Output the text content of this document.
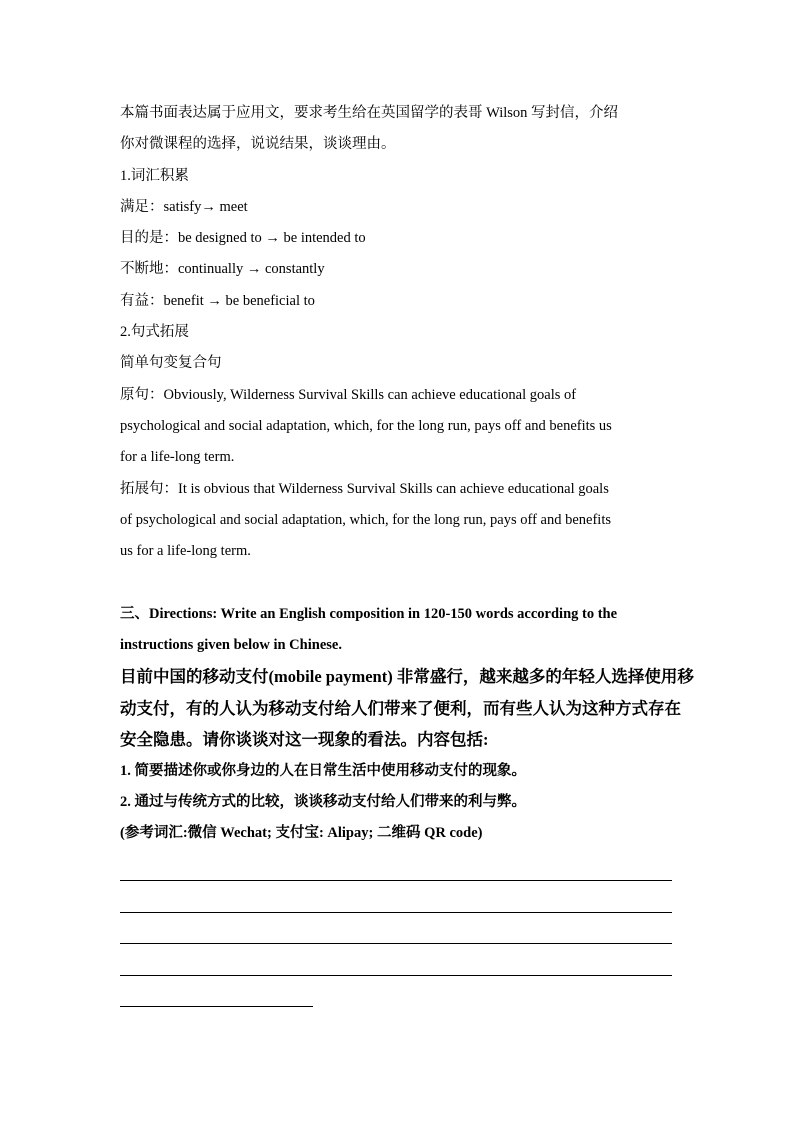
本篇书面表达属于应用文，要求考生给在英国留学的表哥 Wilson 写封信，介绍
你对微课程的选择，说说结果，谈谈理由。
1.词汇积累
满足：satisfy→ meet
目的是：be designed to → be intended to
不断地：continually → constantly
有益：benefit → be beneficial to
2.句式拓展
简单句变复合句
原句：Obviously, Wilderness Survival Skills can achieve educational goals of
psychological and social adaptation, which, for the long run, pays off and benefits us
for a life-long term.
拓展句：It is obvious that Wilderness Survival Skills can achieve educational goals
of psychological and social adaptation, which, for the long run, pays off and benefits
us for a life-long term.
三、Directions: Write an English composition in 120-150 words according to the
instructions given below in Chinese.
目前中国的移动支付(mobile payment) 非常盛行，越来越多的年轻人选择使用移
动支付，有的人认为移动支付给人们带来了便利，而有些人认为这种方式存在
安全隐患。请你谈谈对这一现象的看法。内容包括:
1. 简要描述你或你身边的人在日常生活中使用移动支付的现象。
2. 通过与传统方式的比较，谈谈移动支付给人们带来的利与弊。
(参考词汇:微信 Wechat; 支付宝: Alipay; 二维码 QR code)
